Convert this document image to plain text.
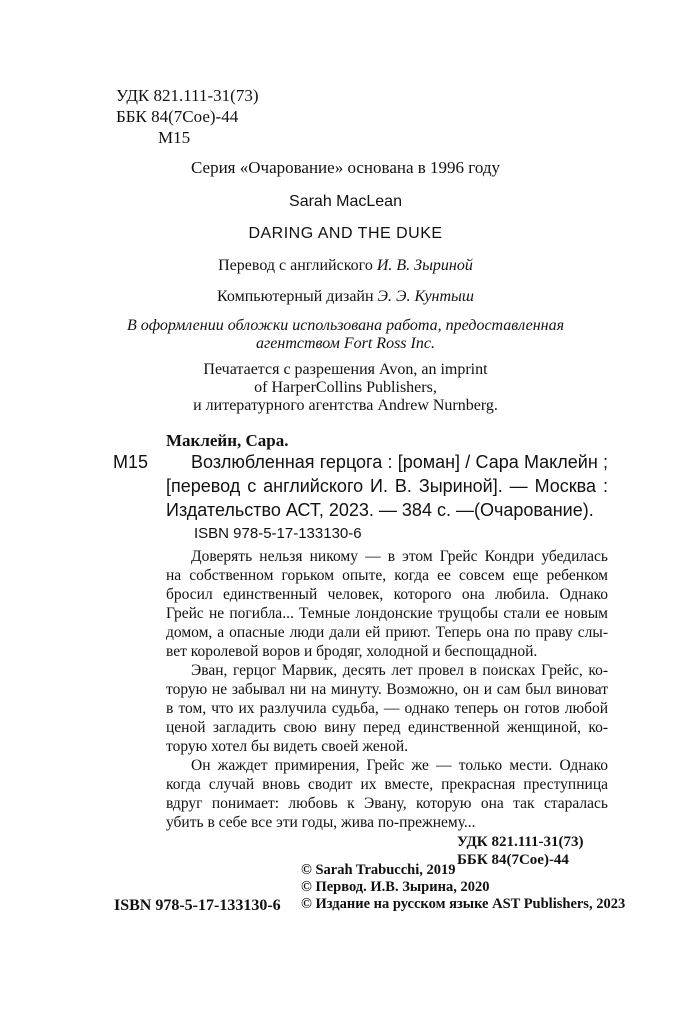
УДК 821.111-31(73)
ББК 84(7Сое)-44
М15
Серия «Очарование» основана в 1996 году
Sarah MacLean
DARING AND THE DUKE
Перевод с английского И. В. Зыриной
Компьютерный дизайн Э. Э. Кунтыш
В оформлении обложки использована работа, предоставленная
агентством Fort Ross Inc.
Печатается с разрешения Avon, an imprint
of HarperCollins Publishers,
и литературного агентства Andrew Nurnberg.
Маклейн, Сара.
М15 Возлюбленная герцога : [роман] / Сара Маклейн ;
[перевод с английского И. В. Зыриной]. — Москва :
Издательство АСТ, 2023. — 384 с. —(Очарование).
ISBN 978-5-17-133130-6
Доверять нельзя никому — в этом Грейс Кондри убедилась
на собственном горьком опыте, когда ее совсем еще ребенком
бросил единственный человек, которого она любила. Однако
Грейс не погибла... Темные лондонские трущобы стали ее новым
домом, а опасные люди дали ей приют. Теперь она по праву слы-
вет королевой воров и бродяг, холодной и беспощадной.
Эван, герцог Марвик, десять лет провел в поисках Грейс, ко-
торую не забывал ни на минуту. Возможно, он и сам был виноват
в том, что их разлучила судьба, — однако теперь он готов любой
ценой загладить свою вину перед единственной женщиной, ко-
торую хотел бы видеть своей женой.
Он жаждет примирения, Грейс же — только мести. Однако
когда случай вновь сводит их вместе, прекрасная преступница
вдруг понимает: любовь к Эвану, которую она так старалась
убить в себе все эти годы, жива по-прежнему...
УДК 821.111-31(73)
ББК 84(7Сое)-44
ISBN 978-5-17-133130-6
© Sarah Trabucchi, 2019
© Первод. И.В. Зырина, 2020
© Издание на русском языке AST Publishers, 2023
